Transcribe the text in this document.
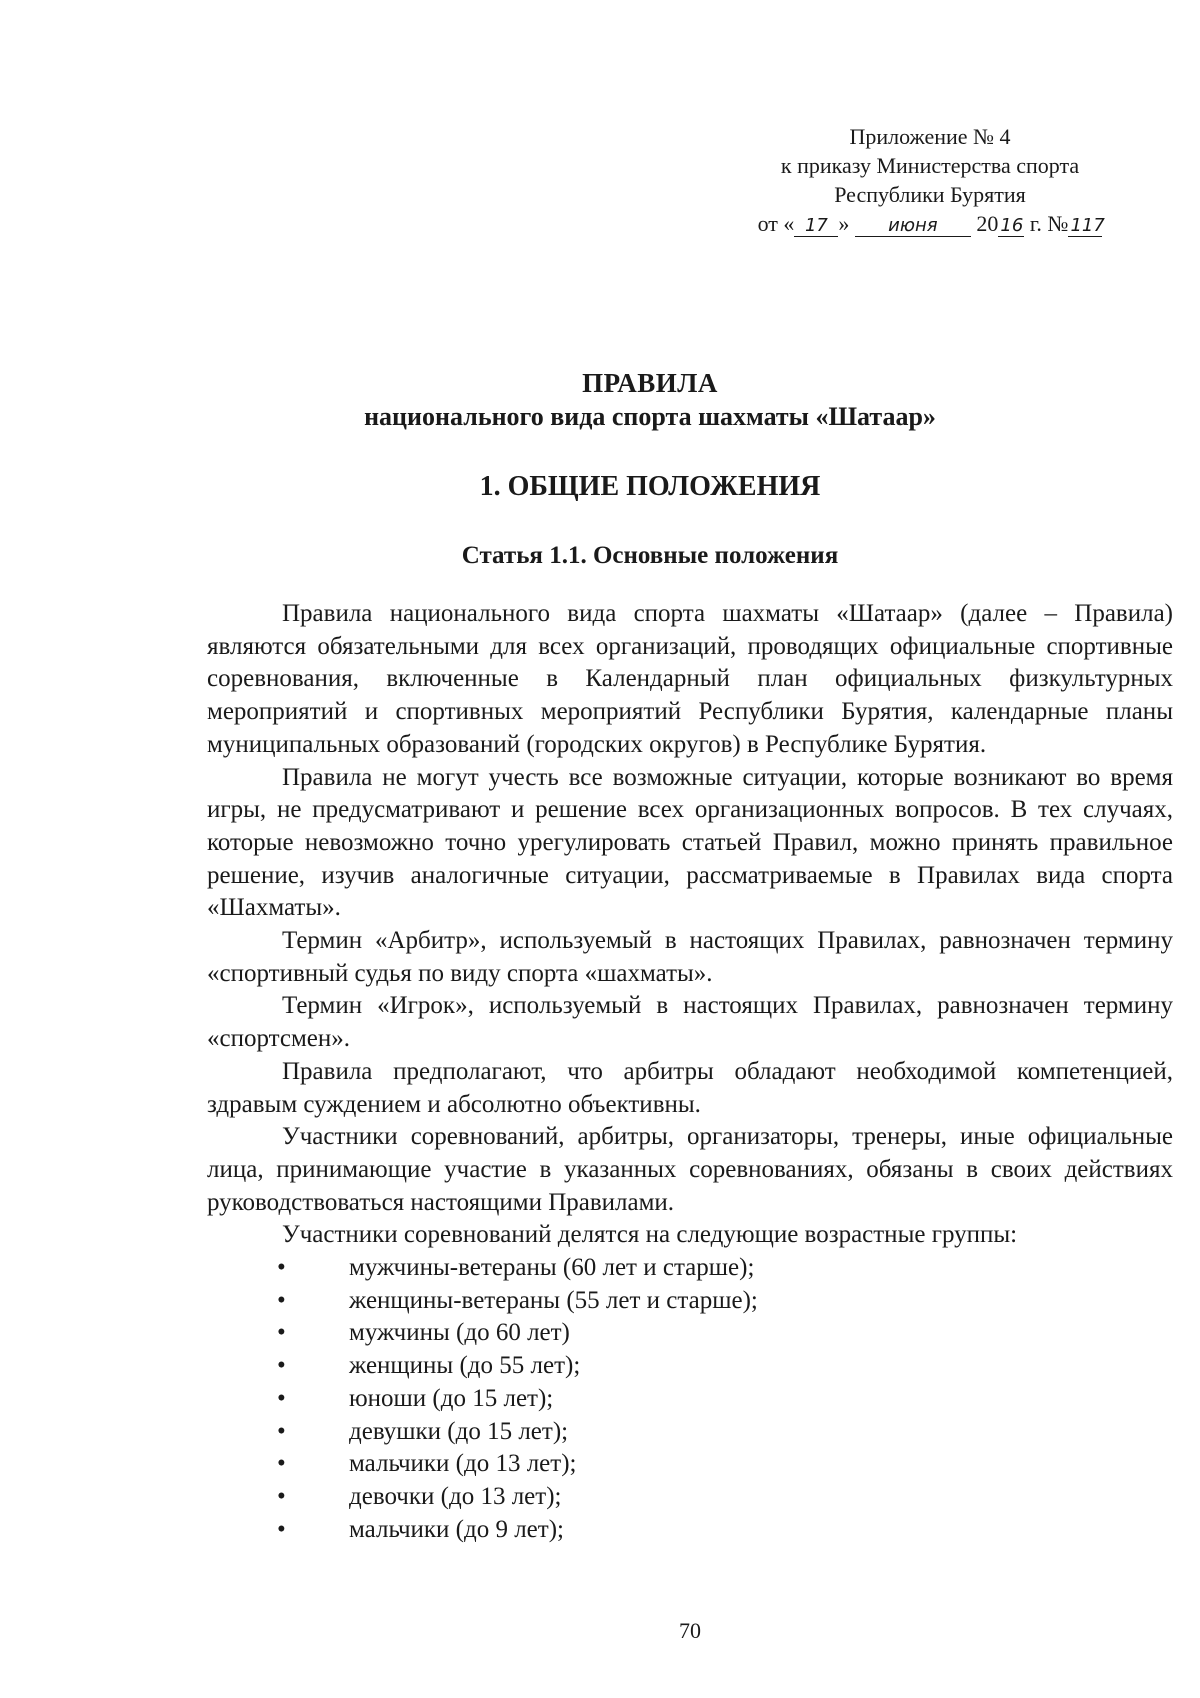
Приложение № 4
к приказу Министерства спорта
Республики Бурятия
от « 17 » июня 20 16 г. № 117
ПРАВИЛА
национального вида спорта шахматы «Шатаар»
1. ОБЩИЕ ПОЛОЖЕНИЯ
Статья 1.1. Основные положения

Правила национального вида спорта шахматы «Шатаар» (далее – Правила) являются обязательными для всех организаций, проводящих официальные спортивные соревнования, включенные в Календарный план официальных физкультурных мероприятий и спортивных мероприятий Республики Бурятия, календарные планы муниципальных образований (городских округов) в Республике Бурятия.

Правила не могут учесть все возможные ситуации, которые возникают во время игры, не предусматривают и решение всех организационных вопросов. В тех случаях, которые невозможно точно урегулировать статьей Правил, можно принять правильное решение, изучив аналогичные ситуации, рассматриваемые в Правилах вида спорта «Шахматы».

Термин «Арбитр», используемый в настоящих Правилах, равнозначен термину «спортивный судья по виду спорта «шахматы».

Термин «Игрок», используемый в настоящих Правилах, равнозначен термину «спортсмен».

Правила предполагают, что арбитры обладают необходимой компетенцией, здравым суждением и абсолютно объективны.

Участники соревнований, арбитры, организаторы, тренеры, иные официальные лица, принимающие участие в указанных соревнованиях, обязаны в своих действиях руководствоваться настоящими Правилами.

Участники соревнований делятся на следующие возрастные группы:

•	мужчины-ветераны (60 лет и старше);
•	женщины-ветераны (55 лет и старше);
•	мужчины (до 60 лет)
•	женщины (до 55 лет);
•	юноши (до 15 лет);
•	девушки (до 15 лет);
•	мальчики (до 13 лет);
•	девочки (до 13 лет);
•	мальчики (до 9 лет);
70
